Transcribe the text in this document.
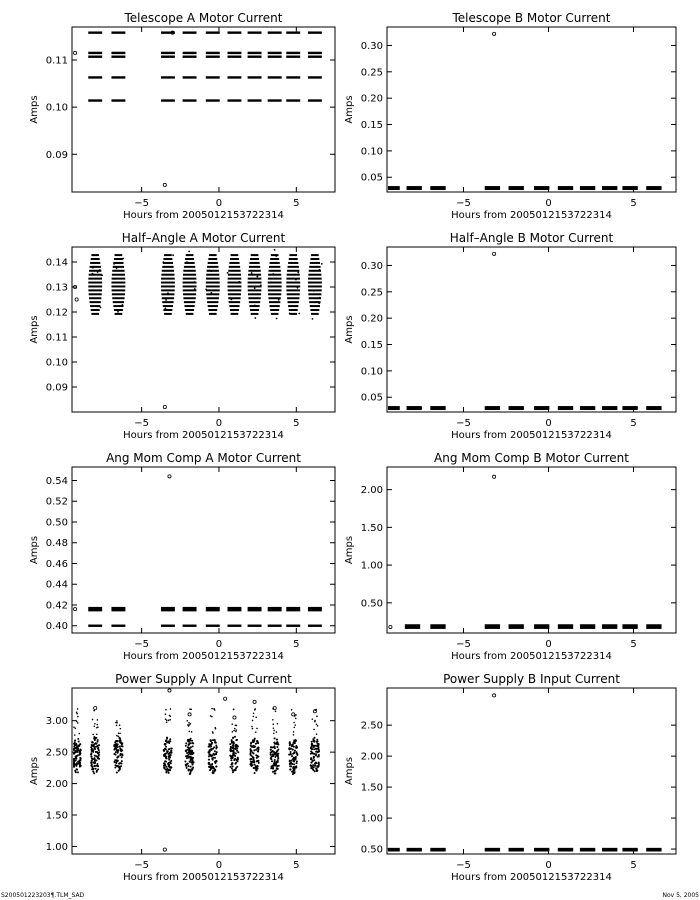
Telescope A Motor Current
Hours from 2005012153722314
Amps
−5	0	5
0.09
0.10
0.11
Telescope B Motor Current
Hours from 2005012153722314
Amps
−5	0	5
0.05
0.10
0.15
0.20
0.25
0.30
Half–Angle A Motor Current
Hours from 2005012153722314
Amps
−5	0	5
0.09
0.10
0.11
0.12
0.13
0.14
Half–Angle B Motor Current
Hours from 2005012153722314
Amps
−5	0	5
0.05
0.10
0.15
0.20
0.25
0.30
Ang Mom Comp A Motor Current
Hours from 2005012153722314
Amps
−5	0	5
0.40
0.42
0.44
0.46
0.48
0.50
0.52
0.54
Ang Mom Comp B Motor Current
Hours from 2005012153722314
Amps
−5	0	5
0.50
1.00
1.50
2.00
Power Supply A Input Current
Hours from 2005012153722314
Amps
−5	0	5
1.00
1.50
2.00
2.50
3.00
Power Supply B Input Current
Hours from 2005012153722314
Amps
−5	0	5
0.50
1.00
1.50
2.00
2.50
S200501223203¶.TLM_SAD	Nov 5, 2005
